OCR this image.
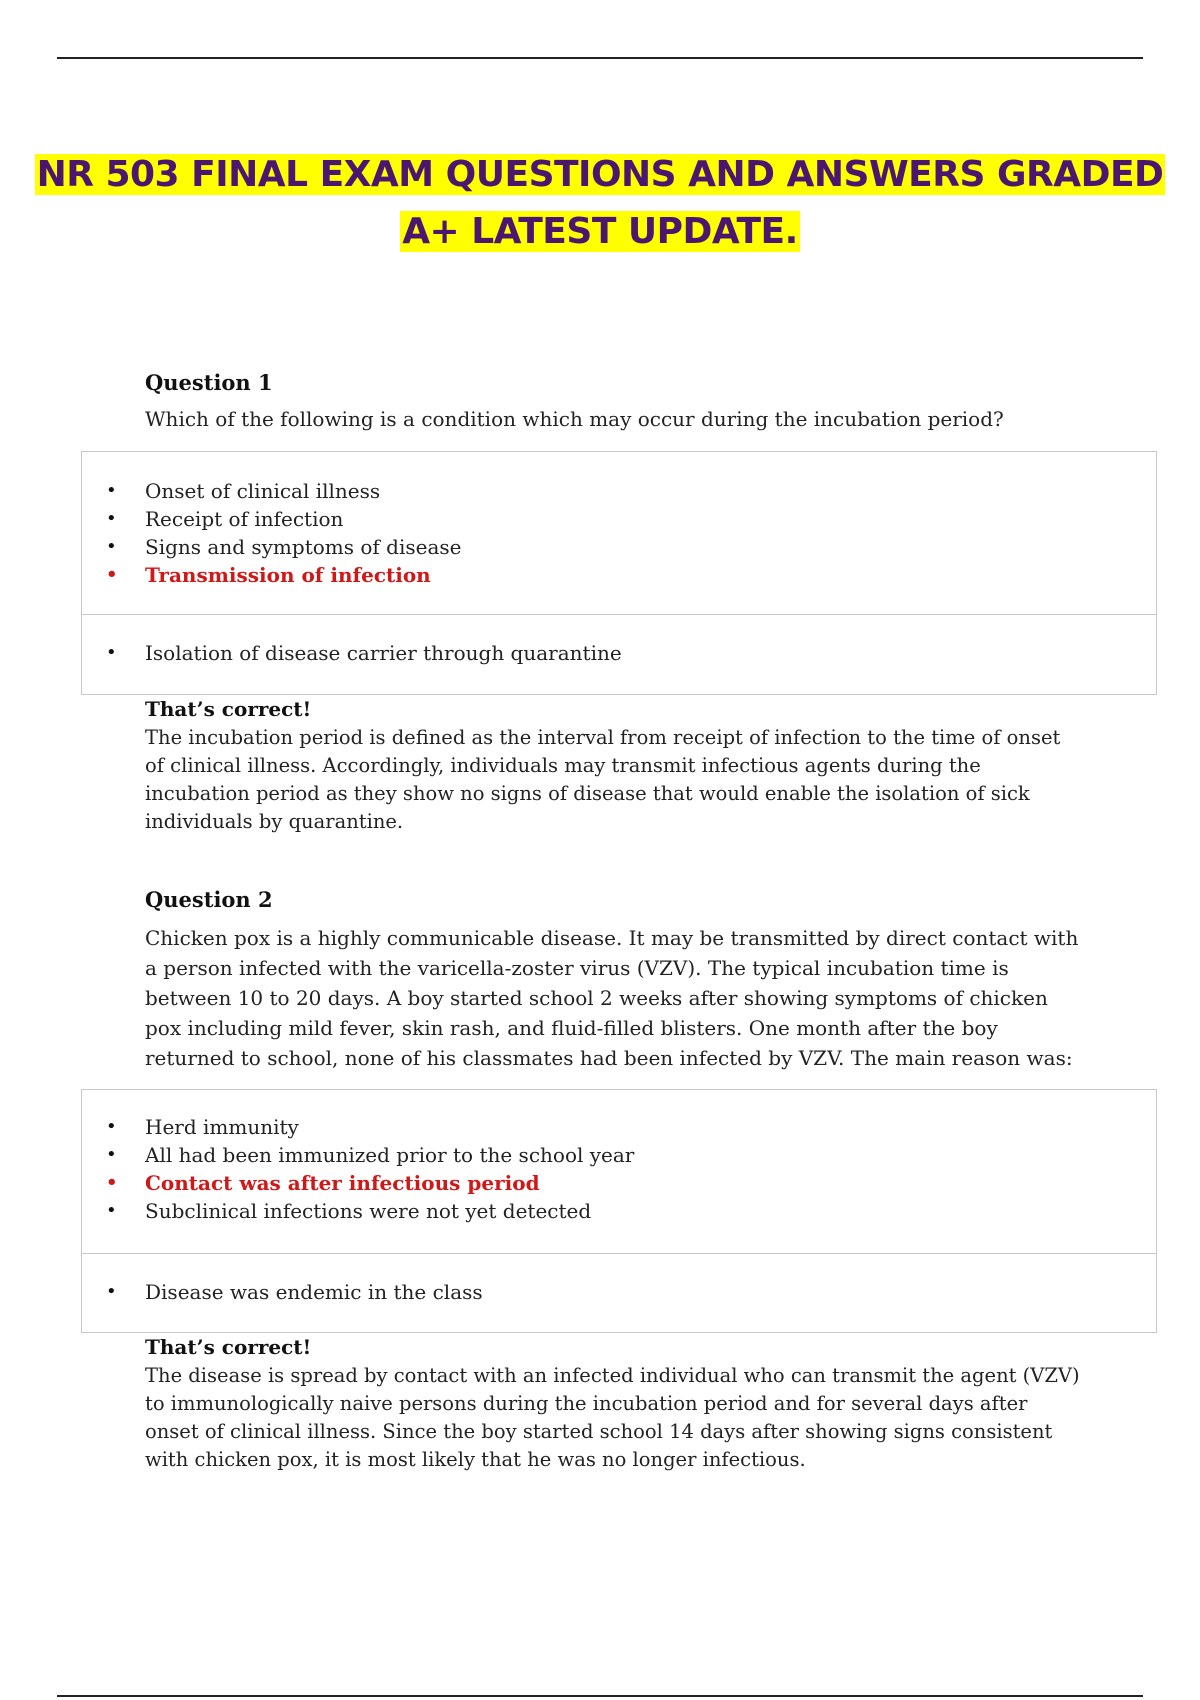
NR 503 FINAL EXAM QUESTIONS AND ANSWERS GRADED
A+ LATEST UPDATE.
Question 1
Which of the following is a condition which may occur during the incubation period?
• Onset of clinical illness
• Receipt of infection
• Signs and symptoms of disease
• Transmission of infection
• Isolation of disease carrier through quarantine
That’s correct!
The incubation period is defined as the interval from receipt of infection to the time of onset of clinical illness. Accordingly, individuals may transmit infectious agents during the incubation period as they show no signs of disease that would enable the isolation of sick individuals by quarantine.
Question 2
Chicken pox is a highly communicable disease. It may be transmitted by direct contact with a person infected with the varicella-zoster virus (VZV). The typical incubation time is between 10 to 20 days. A boy started school 2 weeks after showing symptoms of chicken pox including mild fever, skin rash, and fluid-filled blisters. One month after the boy returned to school, none of his classmates had been infected by VZV. The main reason was:
• Herd immunity
• All had been immunized prior to the school year
• Contact was after infectious period
• Subclinical infections were not yet detected
• Disease was endemic in the class
That’s correct!
The disease is spread by contact with an infected individual who can transmit the agent (VZV) to immunologically naive persons during the incubation period and for several days after onset of clinical illness. Since the boy started school 14 days after showing signs consistent with chicken pox, it is most likely that he was no longer infectious.
